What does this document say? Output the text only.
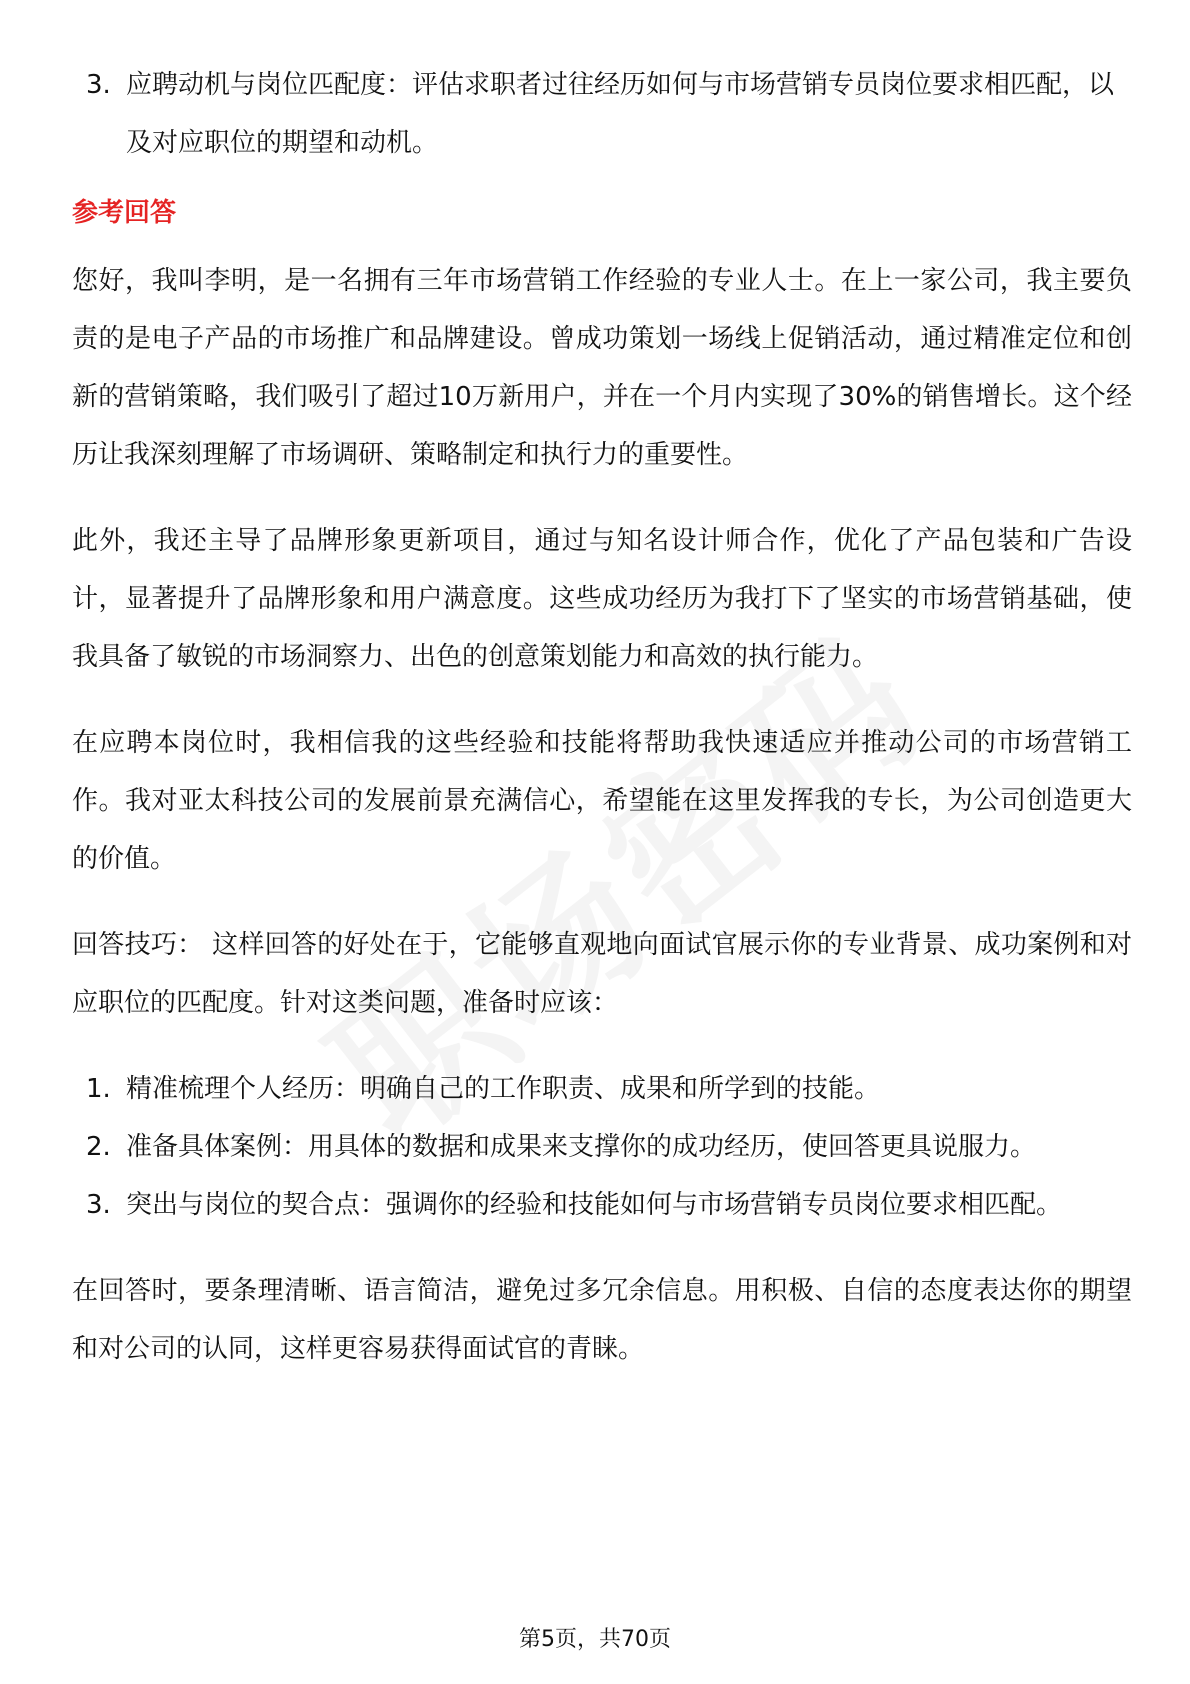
3. 应聘动机与岗位匹配度：评估求职者过往经历如何与市场营销专员岗位要求相匹配，以及对应职位的期望和动机。
参考回答
您好，我叫李明，是一名拥有三年市场营销工作经验的专业人士。在上一家公司，我主要负责的是电子产品的市场推广和品牌建设。曾成功策划一场线上促销活动，通过精准定位和创新的营销策略，我们吸引了超过10万新用户，并在一个月内实现了30%的销售增长。这个经历让我深刻理解了市场调研、策略制定和执行力的重要性。
此外，我还主导了品牌形象更新项目，通过与知名设计师合作，优化了产品包装和广告设计，显著提升了品牌形象和用户满意度。这些成功经历为我打下了坚实的市场营销基础，使我具备了敏锐的市场洞察力、出色的创意策划能力和高效的执行能力。
在应聘本岗位时，我相信我的这些经验和技能将帮助我快速适应并推动公司的市场营销工作。我对亚太科技公司的发展前景充满信心，希望能在这里发挥我的专长，为公司创造更大的价值。
回答技巧： 这样回答的好处在于，它能够直观地向面试官展示你的专业背景、成功案例和对应职位的匹配度。针对这类问题，准备时应该：
1. 精准梳理个人经历：明确自己的工作职责、成果和所学到的技能。
2. 准备具体案例：用具体的数据和成果来支撑你的成功经历，使回答更具说服力。
3. 突出与岗位的契合点：强调你的经验和技能如何与市场营销专员岗位要求相匹配。
在回答时，要条理清晰、语言简洁，避免过多冗余信息。用积极、自信的态度表达你的期望和对公司的认同，这样更容易获得面试官的青睐。
第5页，共70页
